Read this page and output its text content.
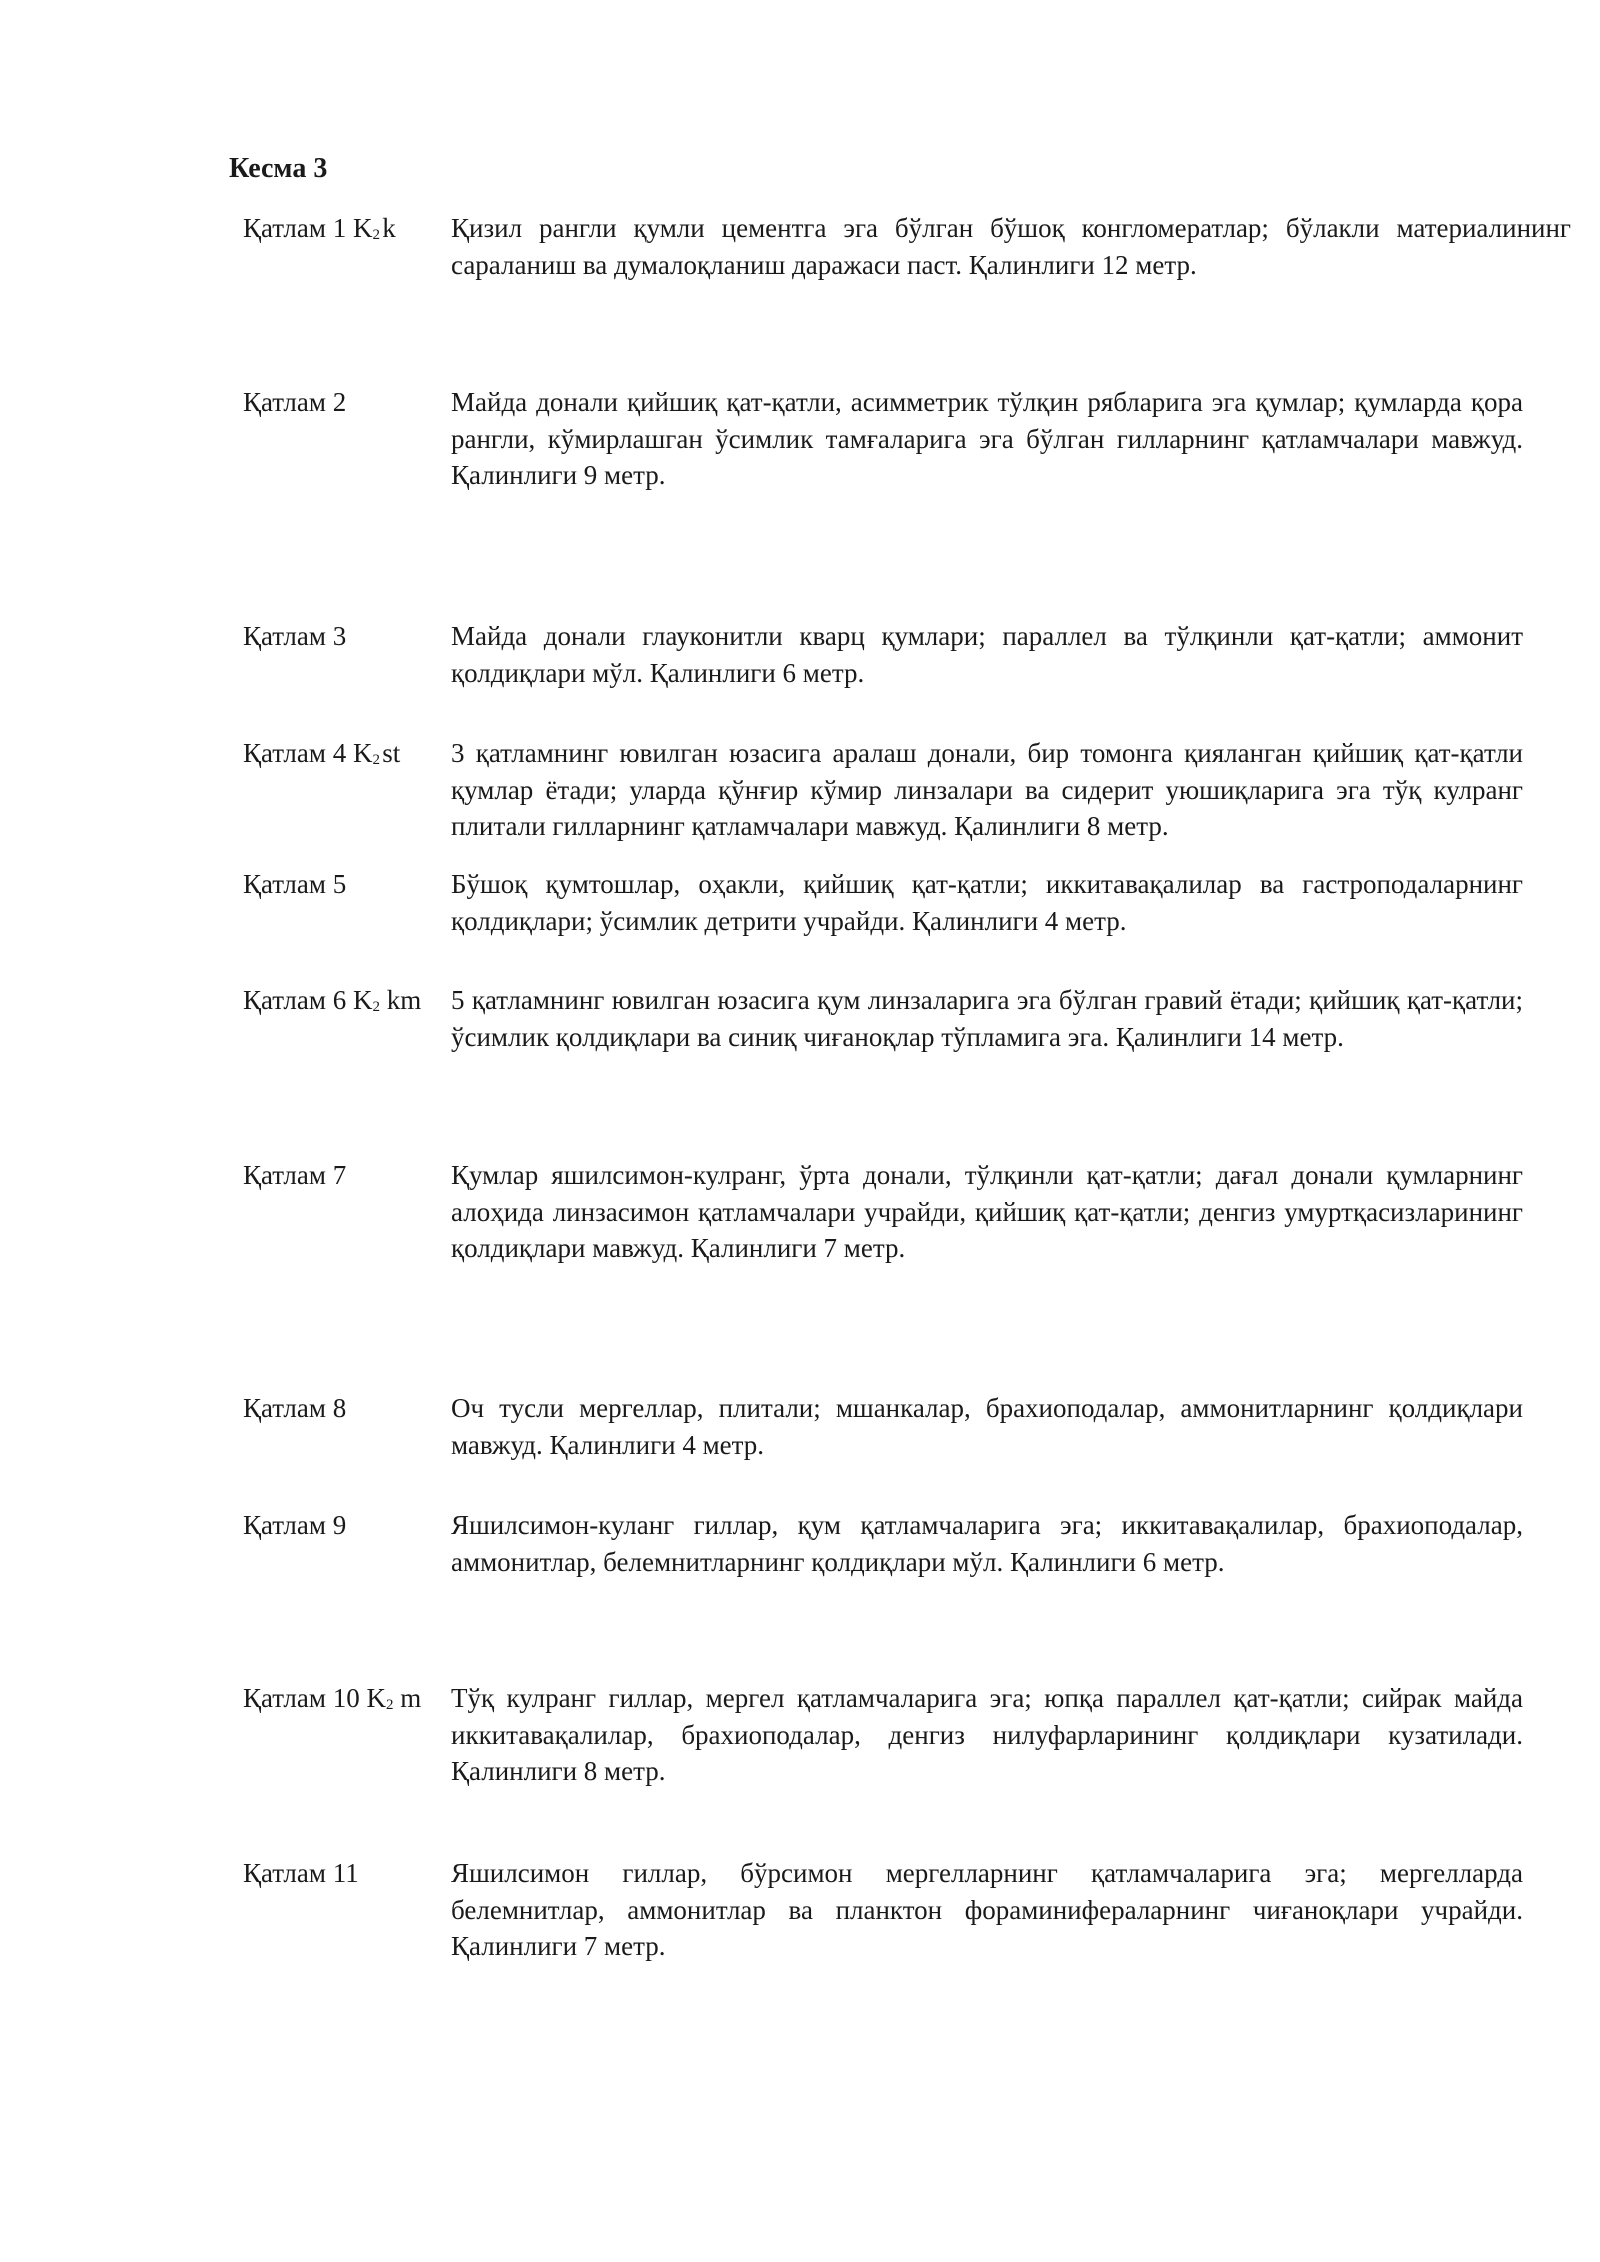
Кесма 3
Қатлам 1 K2 k	Қизил рангли қумли цементга эга бўлган бўшоқ конгломератлар; бўлакли материалининг сараланиш ва думалоқланиш даражаси паст. Қалинлиги 12 метр.
Қатлам 2	Майда донали қийшиқ қат-қатли, асимметрик тўлқин рябларига эга қумлар; қумларда қора рангли, кўмирлашган ўсимлик тамғаларига эга бўлган гилларнинг қатламчалари мавжуд. Қалинлиги 9 метр.
Қатлам 3	Майда донали глауконитли кварц қумлари; параллел ва тўлқинли қат-қатли; аммонит қолдиқлари мўл. Қалинлиги 6 метр.
Қатлам 4 K2 st	3 қатламнинг ювилган юзасига аралаш донали, бир томонга қияланган қийшиқ қат-қатли қумлар ётади; уларда қўнғир кўмир линзалари ва сидерит уюшиқларига эга тўқ кулранг плитали гилларнинг қатламчалари мавжуд. Қалинлиги 8 метр.
Қатлам 5	Бўшоқ қумтошлар, оҳакли, қийшиқ қат-қатли; иккитавақалилар ва гастроподаларнинг қолдиқлари; ўсимлик детрити учрайди. Қалинлиги 4 метр.
Қатлам 6 K2 km	5 қатламнинг ювилган юзасига қум линзаларига эга бўлган гравий ётади; қийшиқ қат-қатли; ўсимлик қолдиқлари ва синиқ чиғаноқлар тўпламига эга. Қалинлиги 14 метр.
Қатлам 7	Қумлар яшилсимон-кулранг, ўрта донали, тўлқинли қат-қатли; дағал донали қумларнинг алоҳида линзасимон қатламчалари учрайди, қийшиқ қат-қатли; денгиз умуртқасизларининг қолдиқлари мавжуд. Қалинлиги 7 метр.
Қатлам 8	Оч тусли мергеллар, плитали; мшанкалар, брахиоподалар, аммонитларнинг қолдиқлари мавжуд. Қалинлиги 4 метр.
Қатлам 9	Яшилсимон-куланг гиллар, қум қатламчаларига эга; иккитавақалилар, брахиоподалар, аммонитлар, белемнитларнинг қолдиқлари мўл. Қалинлиги 6 метр.
Қатлам 10 K2 m	Тўқ кулранг гиллар, мергел қатламчаларига эга; юпқа параллел қат-қатли; сийрак майда иккитавақалилар, брахиоподалар, денгиз нилуфарларининг қолдиқлари кузатилади. Қалинлиги 8 метр.
Қатлам 11	Яшилсимон гиллар, бўрсимон мергелларнинг қатламчаларига эга; мергелларда белемнитлар, аммонитлар ва планктон фораминифераларнинг чиғаноқлари учрайди. Қалинлиги 7 метр.
